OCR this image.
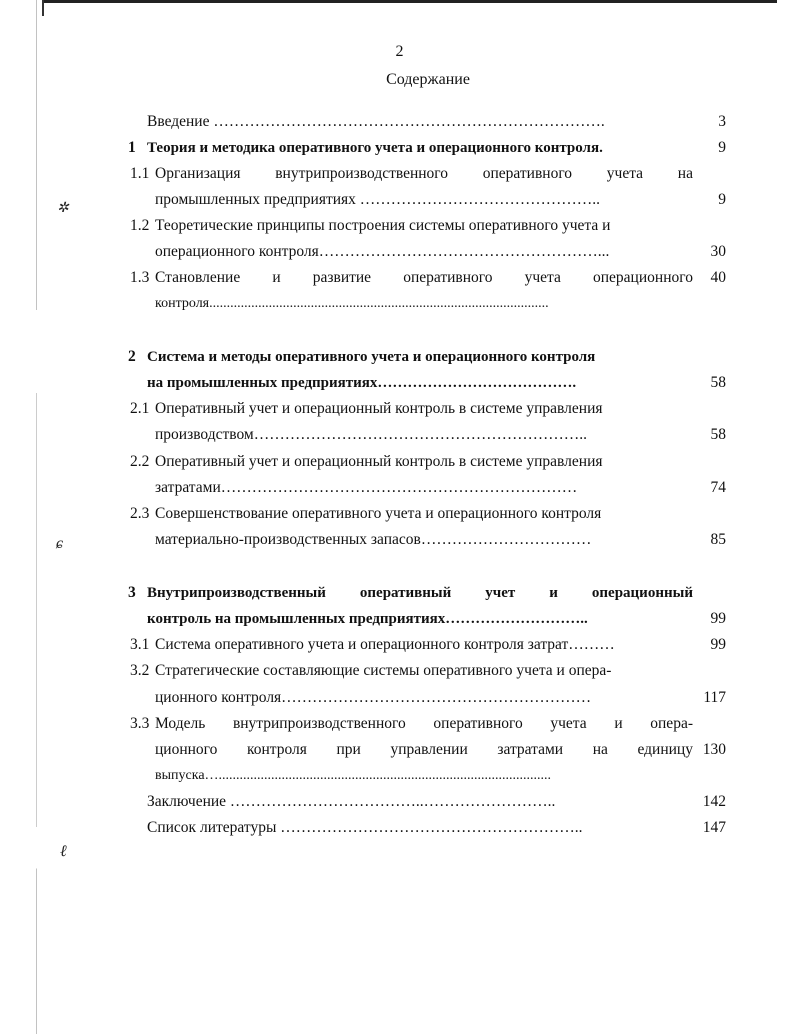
✲
ɕ
ℓ
2
Содержание
Введение ………………………………………………………………….	3
1 Теория и методика оперативного учета и операционного контроля.	9
1.1 Организация внутрипроизводственного оперативного учета на
промышленных предприятиях ………………………………………..	9
1.2 Теоретические принципы построения системы оперативного учета и
операционного контроля………………………………………………...	30
1.3 Становление и развитие оперативного учета операционного	40
контроля.................................................................................................
2 Система и методы оперативного учета и операционного контроля
на промышленных предприятиях………………………………….	58
2.1 Оперативный учет и операционный контроль в системе управления
производством………………………………………………………..	58
2.2 Оперативный учет и операционный контроль в системе управления
затратами……………………………………………………………	74
2.3 Совершенствование оперативного учета и операционного контроля
материально-производственных запасов……………………………	85
3 Внутрипроизводственный оперативный учет и операционный
контроль на промышленных предприятиях………………………..	99
3.1 Система оперативного учета и операционного контроля затрат………	99
3.2 Стратегические составляющие системы оперативного учета и опера-
ционного контроля……………………………………………………	117
3.3 Модель внутрипроизводственного оперативного учета и опера-
ционного контроля при управлении затратами на единицу 130
выпуска…...............................................................................................
Заключение ………………………………..……………………..	142
Список литературы …………………………………………………..	147
